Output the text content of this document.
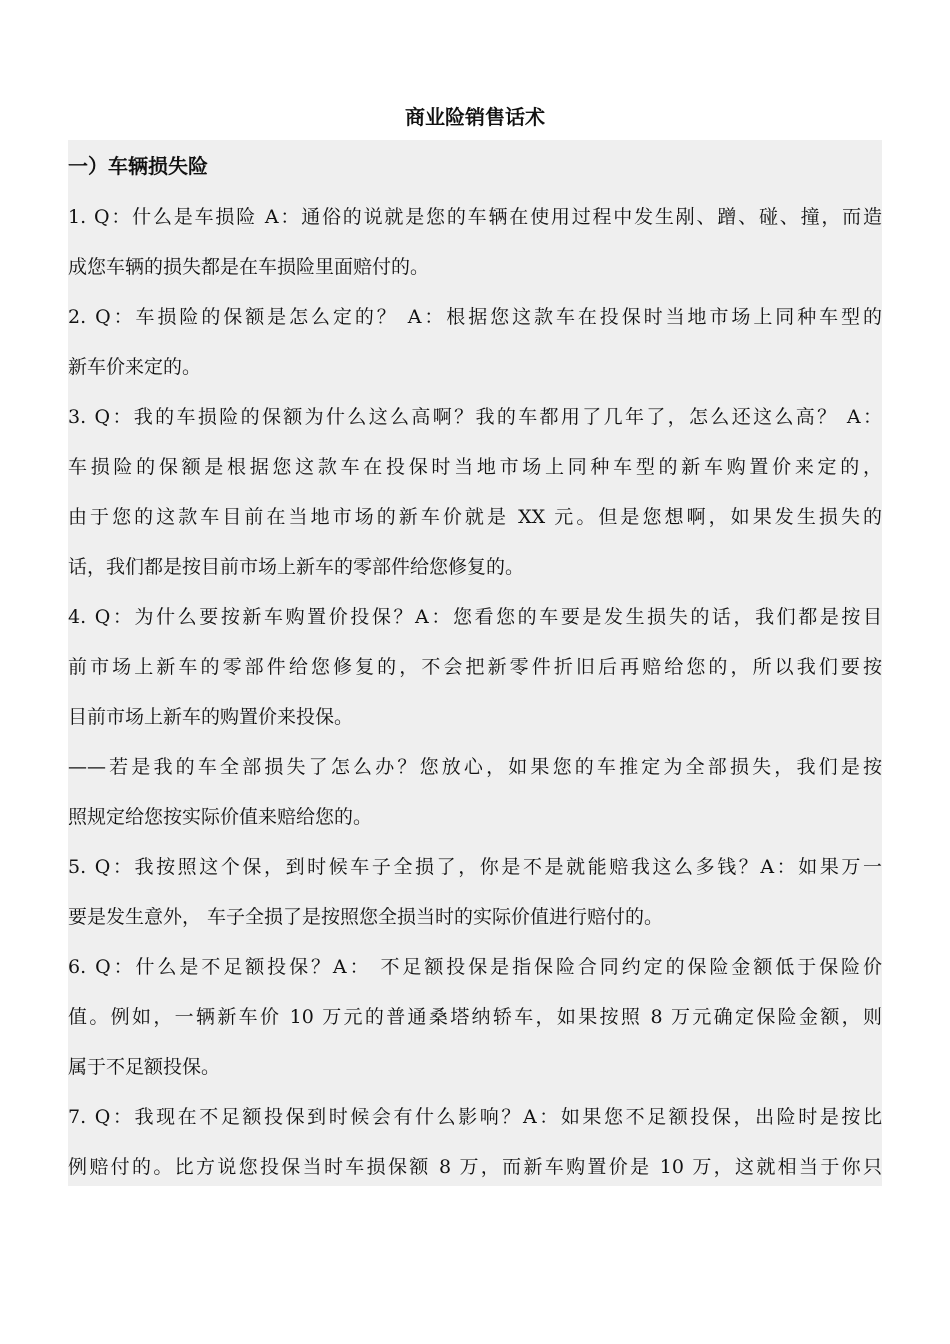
商业险销售话术
一）车辆损失险
1. Q：什么是车损险 A：通俗的说就是您的车辆在使用过程中发生剐、蹭、碰、撞，而造
成您车辆的损失都是在车损险里面赔付的。
2. Q：车损险的保额是怎么定的？ A：根据您这款车在投保时当地市场上同种车型的
新车价来定的。
3. Q：我的车损险的保额为什么这么高啊？我的车都用了几年了，怎么还这么高？ A：
车损险的保额是根据您这款车在投保时当地市场上同种车型的新车购置价来定的，
由于您的这款车目前在当地市场的新车价就是 XX 元。但是您想啊，如果发生损失的
话，我们都是按目前市场上新车的零部件给您修复的。
4. Q：为什么要按新车购置价投保？A：您看您的车要是发生损失的话，我们都是按目
前市场上新车的零部件给您修复的，不会把新零件折旧后再赔给您的，所以我们要按
目前市场上新车的购置价来投保。
——若是我的车全部损失了怎么办？您放心，如果您的车推定为全部损失，我们是按
照规定给您按实际价值来赔给您的。
5. Q：我按照这个保，到时候车子全损了，你是不是就能赔我这么多钱？A：如果万一
要是发生意外， 车子全损了是按照您全损当时的实际价值进行赔付的。
6. Q：什么是不足额投保？A： 不足额投保是指保险合同约定的保险金额低于保险价
值。例如，一辆新车价 10 万元的普通桑塔纳轿车，如果按照 8 万元确定保险金额，则
属于不足额投保。
7. Q：我现在不足额投保到时候会有什么影响？A：如果您不足额投保，出险时是按比
例赔付的。比方说您投保当时车损保额 8 万，而新车购置价是 10 万，这就相当于你只
